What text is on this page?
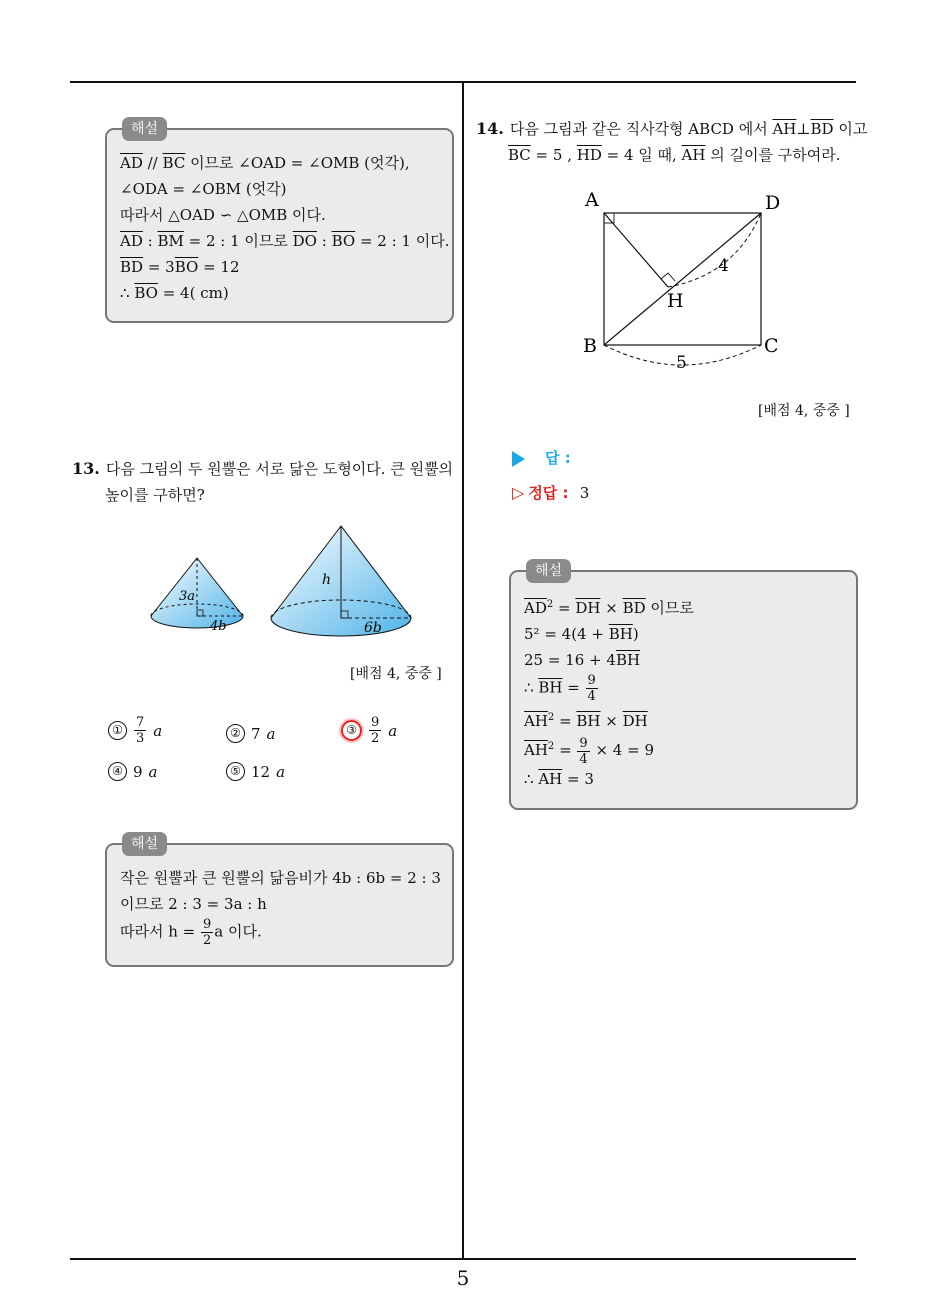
해설
$\overline{AD} // \overline{BC}$ 이므로 ∠OAD = ∠OMB (엇각),
∠ODA = ∠OBM (엇각)
따라서 △OAD ∽ △OMB 이다.
$\overline{AD}$ : $\overline{BM} = 2$ : 1 이므로 $\overline{DO}$ : $\overline{BO} = 2$ : 1 이다.
$\overline{BD} = 3\overline{BO} = 12$
∴ $\overline{BO} = 4$( cm)
13. 다음 그림의 두 원뿔은 서로 닮은 도형이다. 큰 원뿔의
높이를 구하면?
3a
4b
h
6b
[배점 4, 중중 ]
① $\frac{7}{3}$ a	② 7 a	③ $\frac{9}{2}$ a
④ 9 a	⑤ 12 a
해설
작은 원뿔과 큰 원뿔의 닮음비가 4b : 6b = 2 : 3
이므로 2 : 3 = 3a : h
따라서 $h = \frac{9}{2}$ a 이다.
14. 다음 그림과 같은 직사각형 ABCD 에서 $\overline{AH}\perp\overline{BD}$ 이고
$\overline{BC} = 5$ , $\overline{HD} = 4$ 일 때, $\overline{AH}$ 의 길이를 구하여라.
A	D
B	C
H
4
5
[배점 4, 중중 ]
답 :
▷ 정답 : 3
해설
$\overline{AD}^2 = \overline{DH} \times \overline{BD}$ 이므로
$5^2 = 4(4 + \overline{BH})$
$25 = 16 + 4\overline{BH}$
∴ $\overline{BH} = \frac{9}{4}$
$\overline{AH}^2 = \overline{BH} \times \overline{DH}$
$\overline{AH}^2 = \frac{9}{4} \times 4 = 9$
∴ $\overline{AH} = 3$
5
